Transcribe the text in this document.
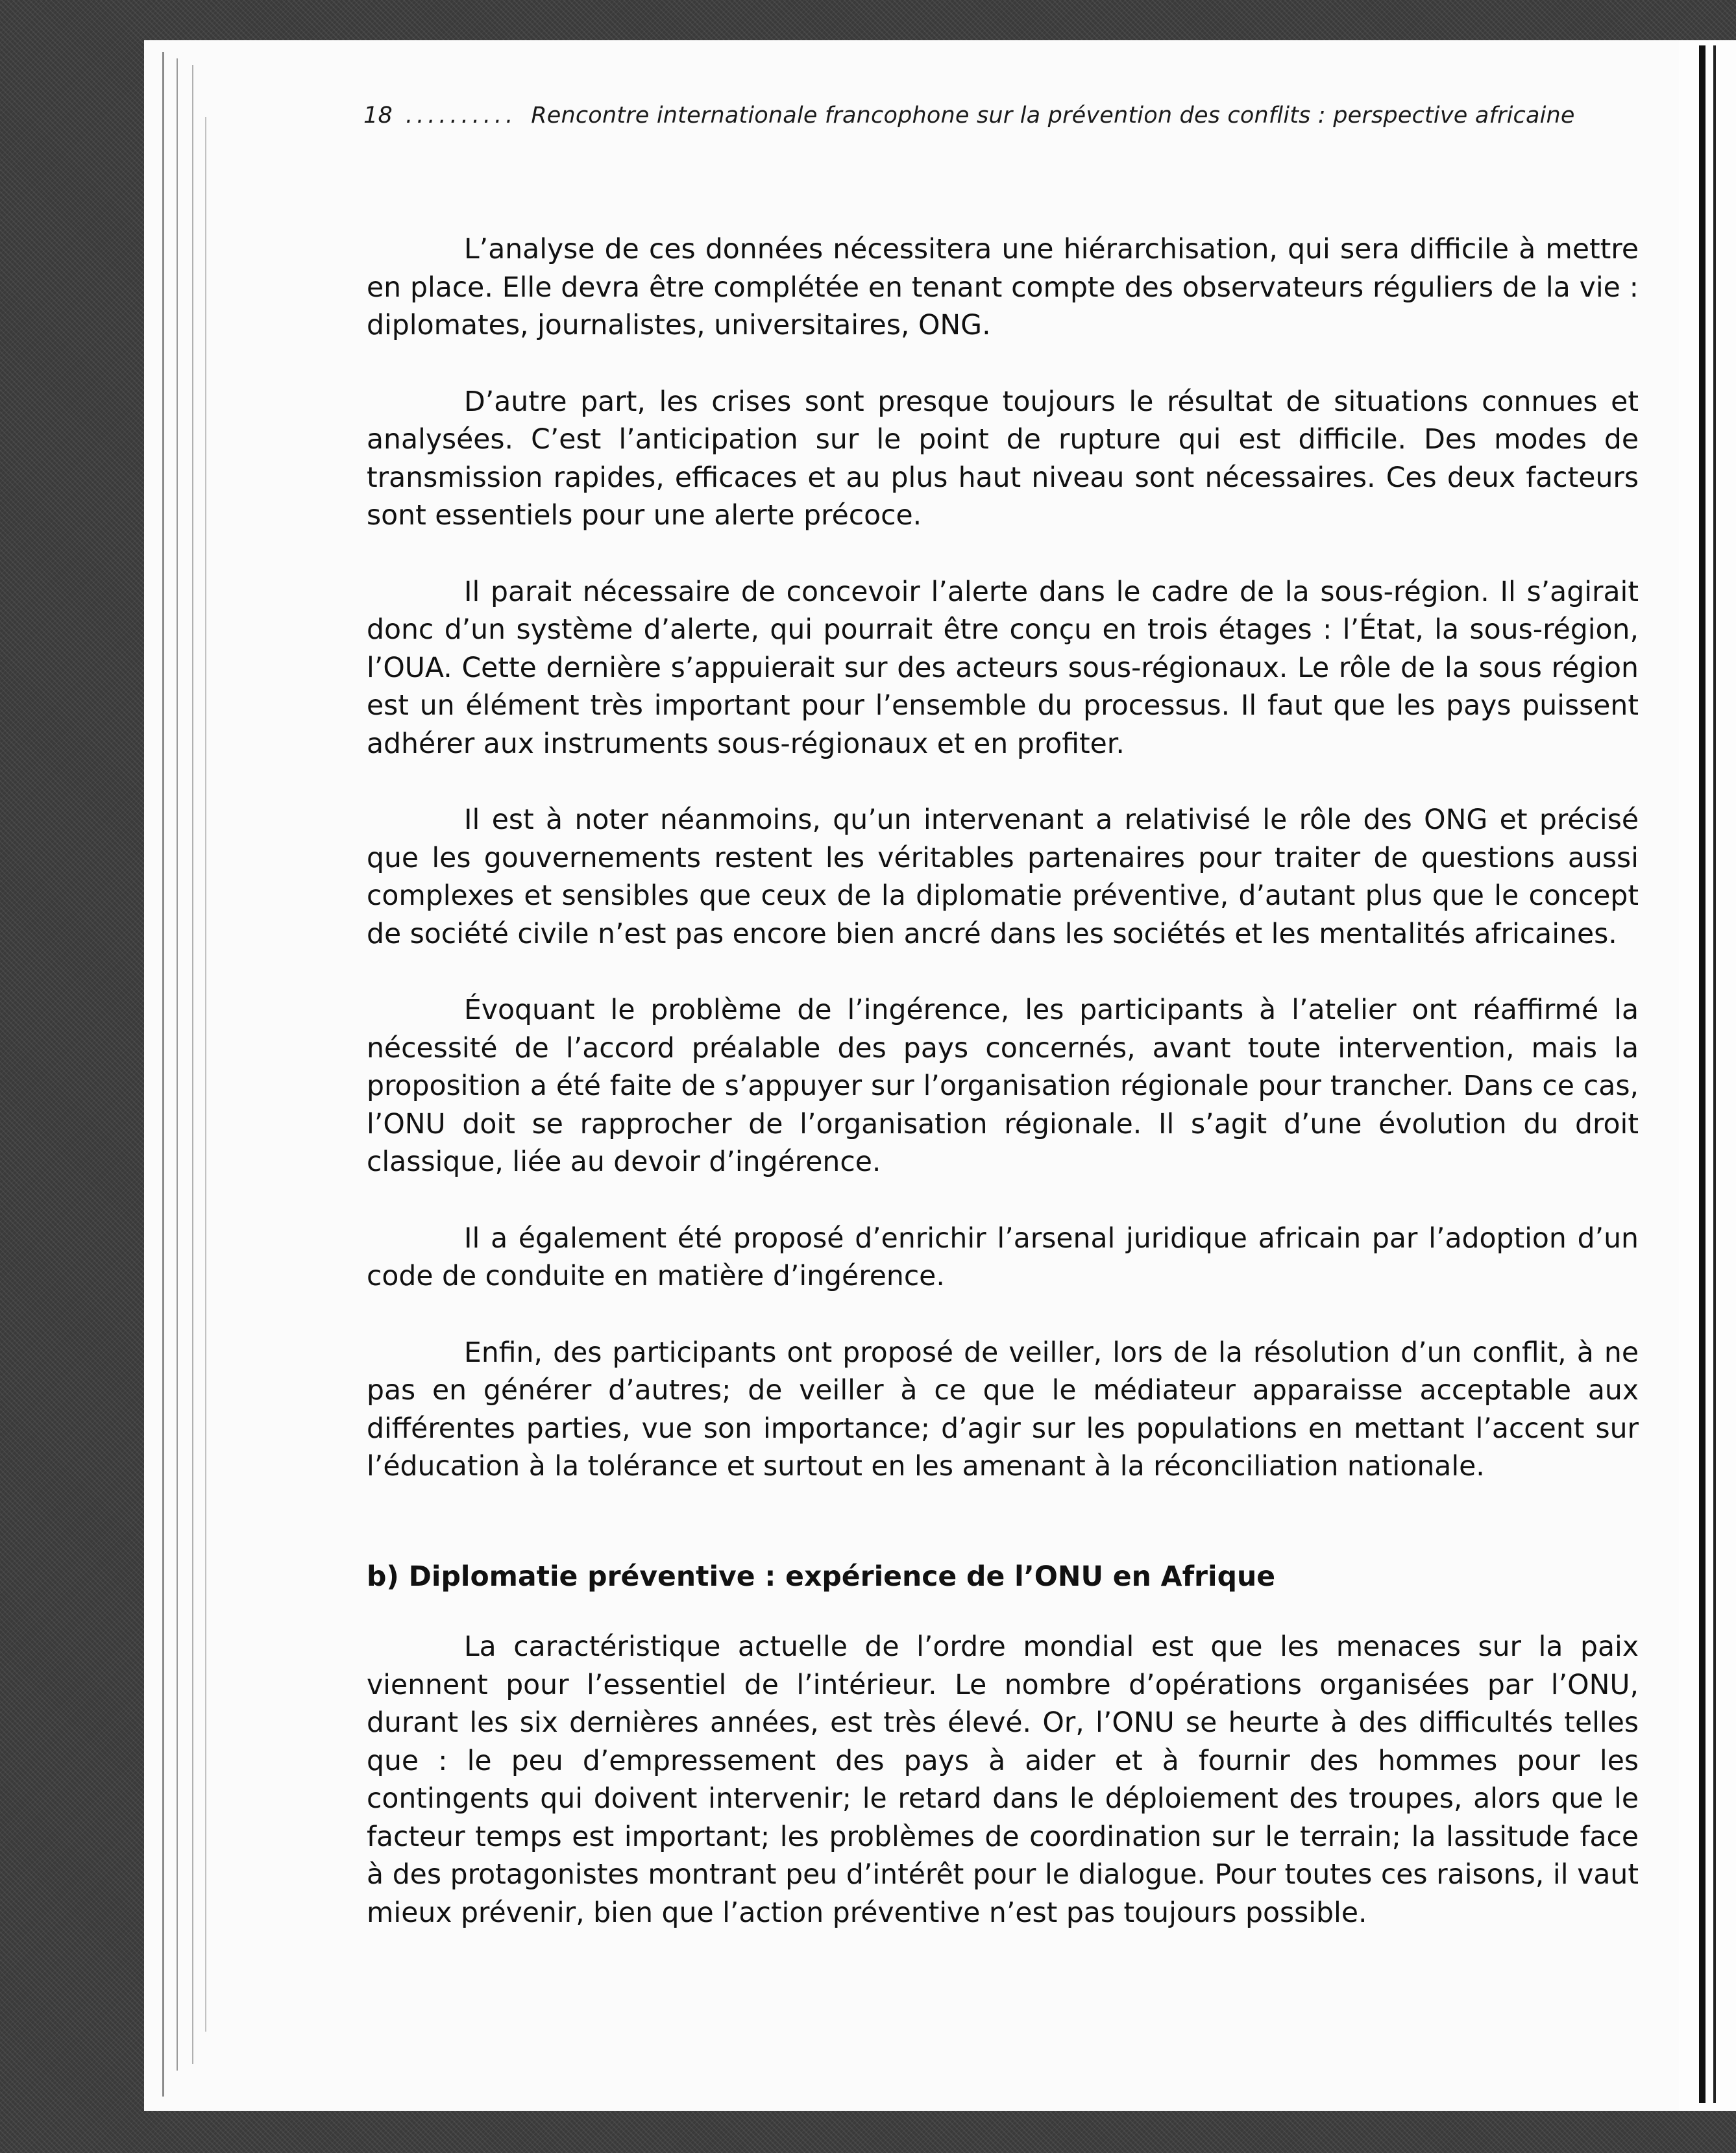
18 .......... Rencontre internationale francophone sur la prévention des conflits : perspective africaine

L’analyse de ces données nécessitera une hiérarchisation, qui sera difficile à mettre en place. Elle devra être complétée en tenant compte des observateurs réguliers de la vie : diplomates, journalistes, universitaires, ONG.

D’autre part, les crises sont presque toujours le résultat de situations connues et analysées. C’est l’anticipation sur le point de rupture qui est difficile. Des modes de transmission rapides, efficaces et au plus haut niveau sont nécessaires. Ces deux facteurs sont essentiels pour une alerte précoce.

Il parait nécessaire de concevoir l’alerte dans le cadre de la sous-région. Il s’agirait donc d’un système d’alerte, qui pourrait être conçu en trois étages : l’État, la sous-région, l’OUA. Cette dernière s’appuierait sur des acteurs sous-régionaux. Le rôle de la sous région est un élément très important pour l’ensemble du processus. Il faut que les pays puissent adhérer aux instruments sous-régionaux et en profiter.

Il est à noter néanmoins, qu’un intervenant a relativisé le rôle des ONG et précisé que les gouvernements restent les véritables partenaires pour traiter de questions aussi complexes et sensibles que ceux de la diplomatie préventive, d’autant plus que le concept de société civile n’est pas encore bien ancré dans les sociétés et les mentalités africaines.

Évoquant le problème de l’ingérence, les participants à l’atelier ont réaffirmé la nécessité de l’accord préalable des pays concernés, avant toute intervention, mais la proposition a été faite de s’appuyer sur l’organisation régionale pour trancher. Dans ce cas, l’ONU doit se rapprocher de l’organisation régionale. Il s’agit d’une évolution du droit classique, liée au devoir d’ingérence.

Il a également été proposé d’enrichir l’arsenal juridique africain par l’adoption d’un code de conduite en matière d’ingérence.

Enfin, des participants ont proposé de veiller, lors de la résolution d’un conflit, à ne pas en générer d’autres; de veiller à ce que le médiateur apparaisse acceptable aux différentes parties, vue son importance; d’agir sur les populations en mettant l’accent sur l’éducation à la tolérance et surtout en les amenant à la réconciliation nationale.

b) Diplomatie préventive : expérience de l’ONU en Afrique

La caractéristique actuelle de l’ordre mondial est que les menaces sur la paix viennent pour l’essentiel de l’intérieur. Le nombre d’opérations organisées par l’ONU, durant les six dernières années, est très élevé. Or, l’ONU se heurte à des difficultés telles que : le peu d’empressement des pays à aider et à fournir des hommes pour les contingents qui doivent intervenir; le retard dans le déploiement des troupes, alors que le facteur temps est important; les problèmes de coordination sur le terrain; la lassitude face à des protagonistes montrant peu d’intérêt pour le dialogue. Pour toutes ces raisons, il vaut mieux prévenir, bien que l’action préventive n’est pas toujours possible.
